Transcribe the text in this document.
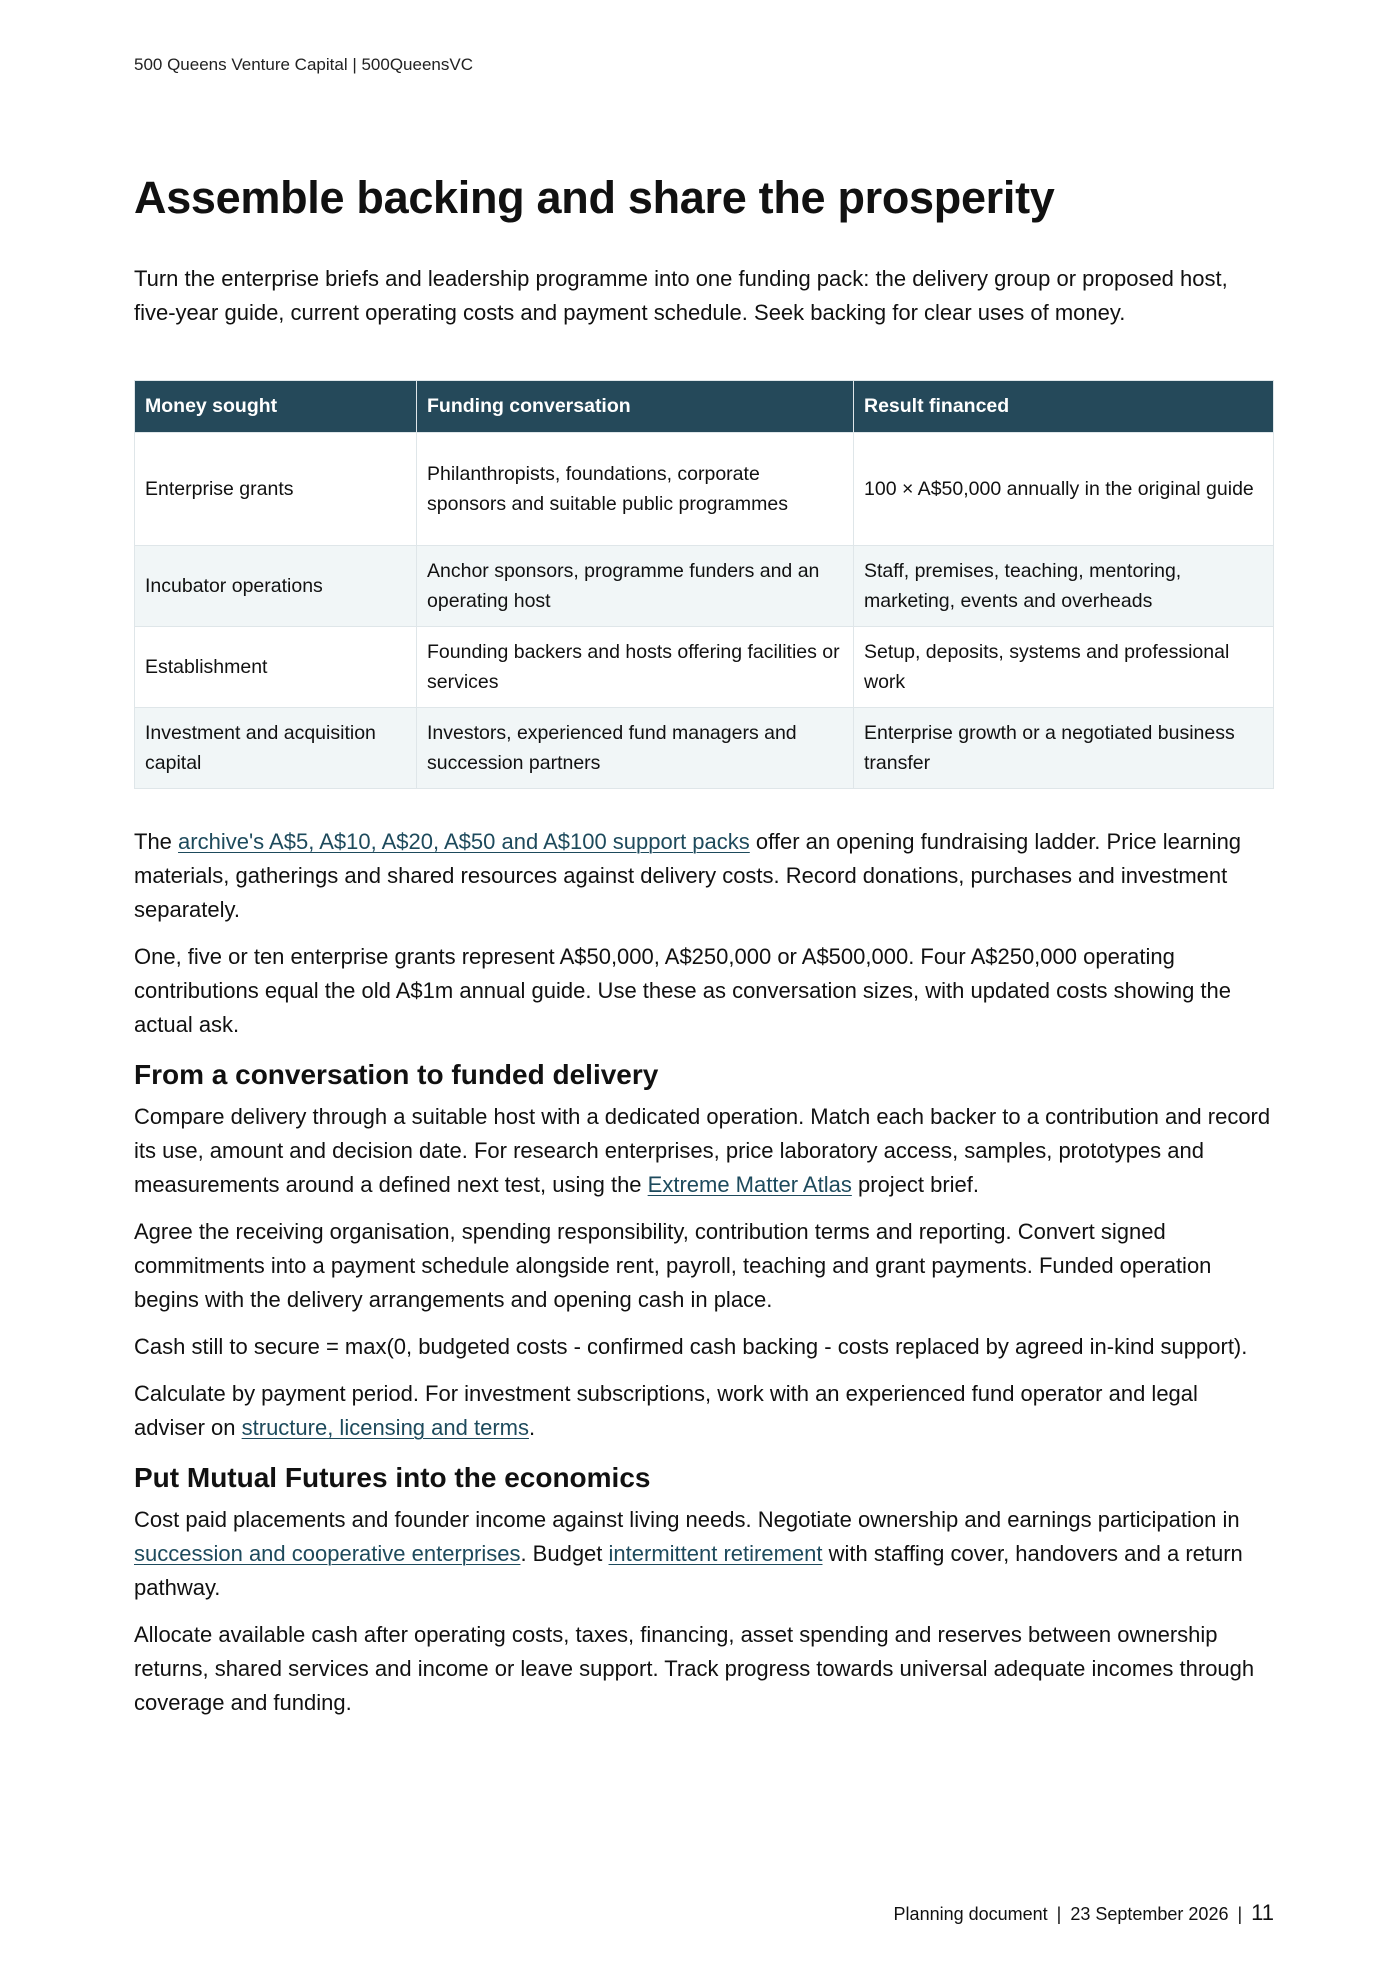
500 Queens Venture Capital | 500QueensVC
Assemble backing and share the prosperity

Turn the enterprise briefs and leadership programme into one funding pack: the delivery group or proposed host, five-year guide, current operating costs and payment schedule. Seek backing for clear uses of money.

Money sought	Funding conversation	Result financed
Enterprise grants	Philanthropists, foundations, corporate sponsors and suitable public programmes	100 × A$50,000 annually in the original guide
Incubator operations	Anchor sponsors, programme funders and an operating host	Staff, premises, teaching, mentoring, marketing, events and overheads
Establishment	Founding backers and hosts offering facilities or services	Setup, deposits, systems and professional work
Investment and acquisition capital	Investors, experienced fund managers and succession partners	Enterprise growth or a negotiated business transfer

The archive's A$5, A$10, A$20, A$50 and A$100 support packs offer an opening fundraising ladder. Price learning materials, gatherings and shared resources against delivery costs. Record donations, purchases and investment separately.

One, five or ten enterprise grants represent A$50,000, A$250,000 or A$500,000. Four A$250,000 operating contributions equal the old A$1m annual guide. Use these as conversation sizes, with updated costs showing the actual ask.

From a conversation to funded delivery

Compare delivery through a suitable host with a dedicated operation. Match each backer to a contribution and record its use, amount and decision date. For research enterprises, price laboratory access, samples, prototypes and measurements around a defined next test, using the Extreme Matter Atlas project brief.

Agree the receiving organisation, spending responsibility, contribution terms and reporting. Convert signed commitments into a payment schedule alongside rent, payroll, teaching and grant payments. Funded operation begins with the delivery arrangements and opening cash in place.

Cash still to secure = max(0, budgeted costs - confirmed cash backing - costs replaced by agreed in-kind support).

Calculate by payment period. For investment subscriptions, work with an experienced fund operator and legal adviser on structure, licensing and terms.

Put Mutual Futures into the economics

Cost paid placements and founder income against living needs. Negotiate ownership and earnings participation in succession and cooperative enterprises. Budget intermittent retirement with staffing cover, handovers and a return pathway.

Allocate available cash after operating costs, taxes, financing, asset spending and reserves between ownership returns, shared services and income or leave support. Track progress towards universal adequate incomes through coverage and funding.

Planning document | 23 September 2026 | 11
